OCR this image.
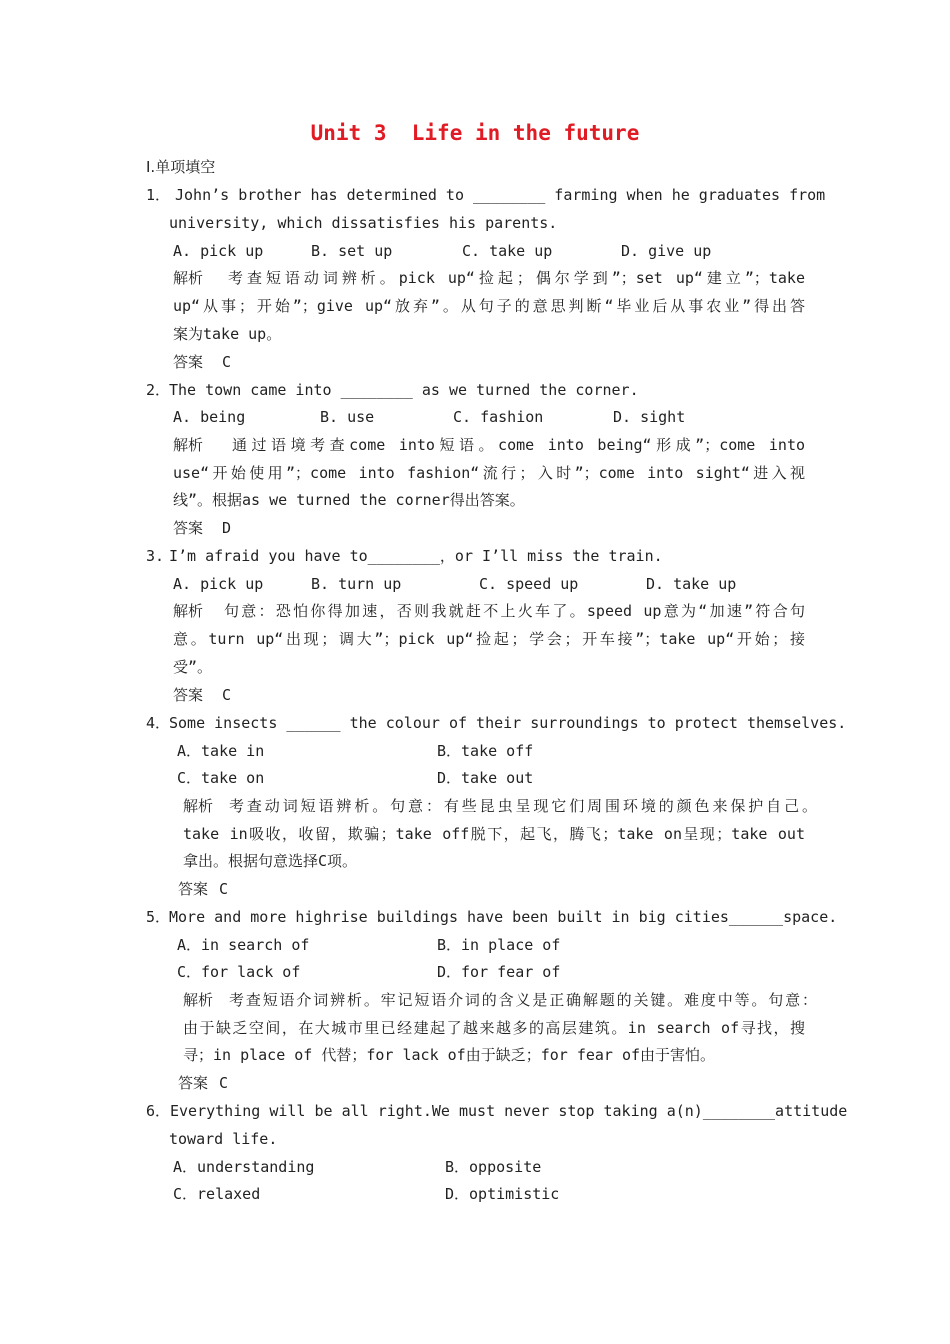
Unit 3  Life in the future
Ⅰ.单项填空
1． John’s brother has determined to ________ farming when he graduates from
university, which dissatisfies his parents.
A. pick up	B. set up	C. take up	D. give up
解析 考查短语动词辨析。pick up“捡起；偶尔学到”；set up“建立”；take
up“从事；开始”；give up“放弃”。从句子的意思判断“毕业后从事农业”得出答
案为take up。
答案 C
2．
The town came into ________ as we turned the corner.
A. being	B. use	C. fashion	D. sight
解析 通过语境考查come into短语。come into being“形成”；come into
use“开始使用”；come into fashion“流行；入时”；come into sight“进入视
线”。根据as we turned the corner得出答案。
答案 D
3. I’m afraid you have to________，or I’ll miss the train.
A. pick up	B. turn up	C. speed up	D. take up
解析 句意：恐怕你得加速，否则我就赶不上火车了。speed up意为“加速”符合句
意。turn up“出现；调大”；pick up“捡起；学会；开车接”；take up“开始；接
受”。
答案 C
4．
Some insects ______ the colour of their surroundings to protect themselves.
A．take in	B．take off
C．take on	D．take out
解析 考查动词短语辨析。句意：有些昆虫呈现它们周围环境的颜色来保护自己。
take in吸收，收留，欺骗；take off脱下，起飞，腾飞；take on呈现；take out
拿出。根据句意选择C项。
答案 C
5．
More and more highrise buildings have been built in big cities______space.
A．in search of	B．in place of
C．for lack of	D．for fear of
解析 考查短语介词辨析。牢记短语介词的含义是正确解题的关键。难度中等。句意：
由于缺乏空间，在大城市里已经建起了越来越多的高层建筑。in search of寻找，搜
寻；in place of 代替；for lack of由于缺乏；for fear of由于害怕。
答案 C
6． Everything will be all right.We must never stop taking a(n)________attitude
toward life.
A．understanding	B．opposite
C．relaxed	D．optimistic
